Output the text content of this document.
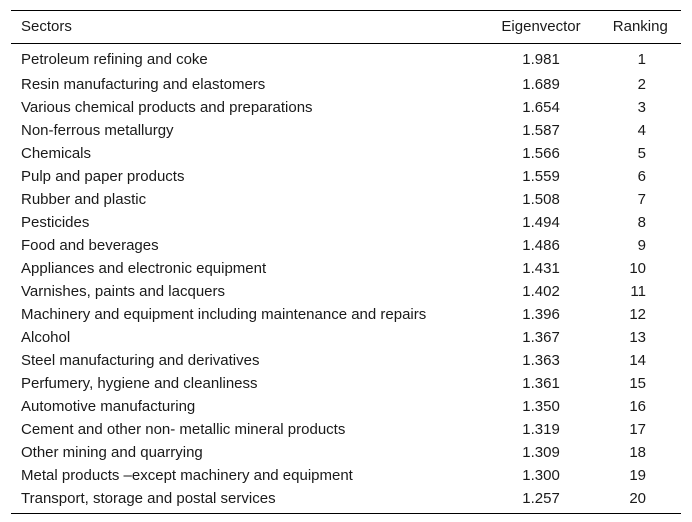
Sectors	Eigenvector	Ranking
Petroleum refining and coke	1.981	1
Resin manufacturing and elastomers	1.689	2
Various chemical products and preparations	1.654	3
Non-ferrous metallurgy	1.587	4
Chemicals	1.566	5
Pulp and paper products	1.559	6
Rubber and plastic	1.508	7
Pesticides	1.494	8
Food and beverages	1.486	9
Appliances and electronic equipment	1.431	10
Varnishes, paints and lacquers	1.402	11
Machinery and equipment including maintenance and repairs	1.396	12
Alcohol	1.367	13
Steel manufacturing and derivatives	1.363	14
Perfumery, hygiene and cleanliness	1.361	15
Automotive manufacturing	1.350	16
Cement and other non- metallic mineral products	1.319	17
Other mining and quarrying	1.309	18
Metal products –except machinery and equipment	1.300	19
Transport, storage and postal services	1.257	20
